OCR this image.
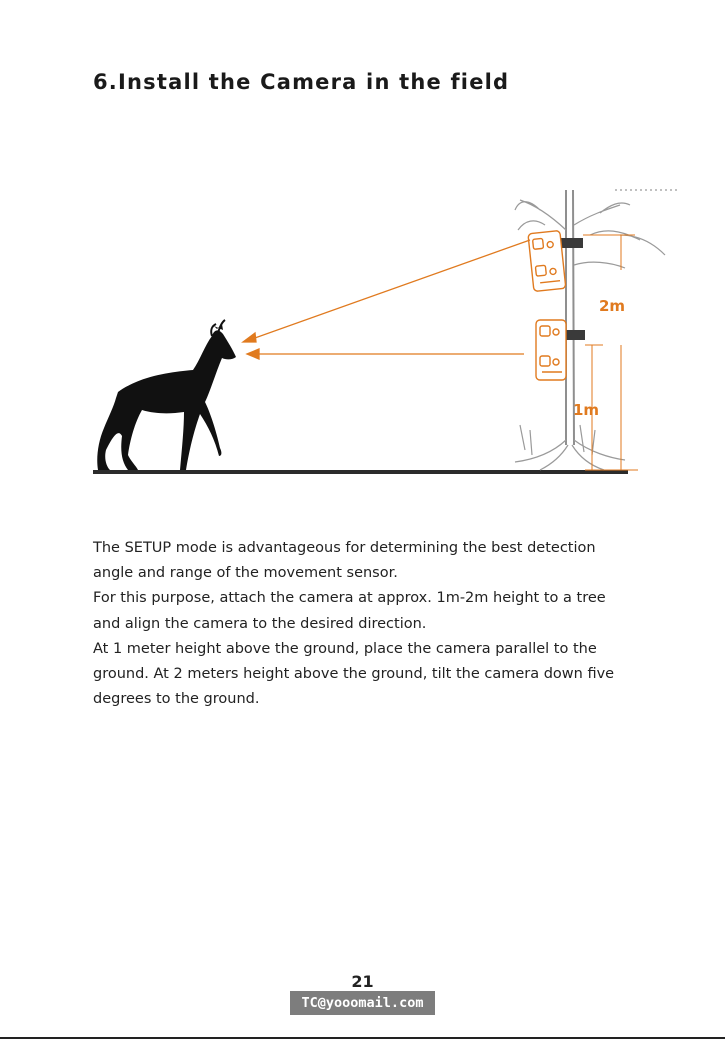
6.Install the Camera in the field
2m
1m

The SETUP mode is advantageous for determining the best detection

angle and range of the movement sensor.

For this purpose, attach the camera at approx. 1m-2m height to a tree

and align the camera to the desired direction.

At 1 meter height above the ground, place the camera parallel to the

ground. At 2 meters height above the ground, tilt the camera down five

degrees to the ground.

21
TC@yooomail.com
